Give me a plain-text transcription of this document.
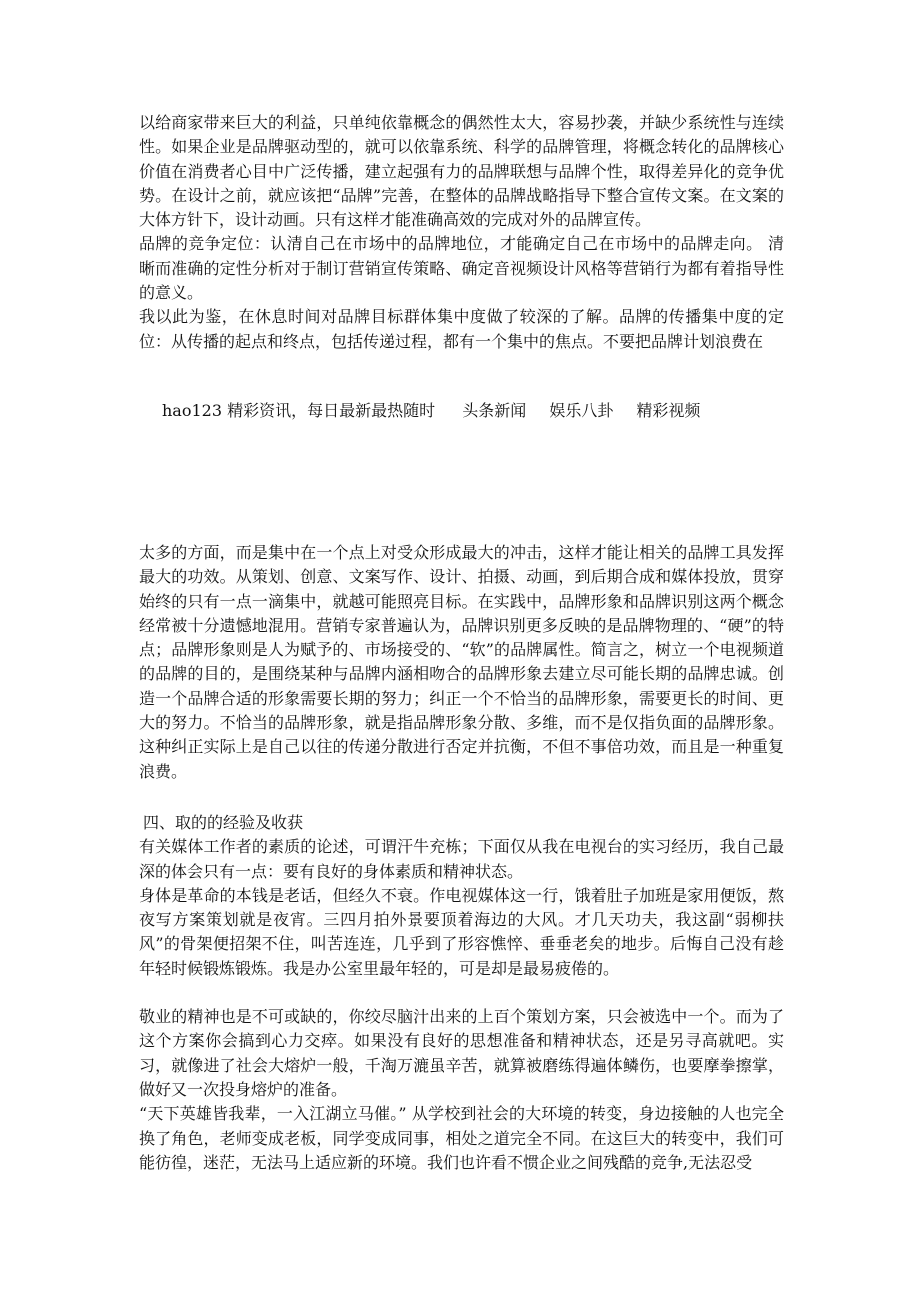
以给商家带来巨大的利益，只单纯依靠概念的偶然性太大，容易抄袭，并缺少系统性与连续性。如果企业是品牌驱动型的，就可以依靠系统、科学的品牌管理，将概念转化的品牌核心价值在消费者心目中广泛传播，建立起强有力的品牌联想与品牌个性，取得差异化的竞争优势。在设计之前，就应该把“品牌”完善，在整体的品牌战略指导下整合宣传文案。在文案的大体方针下，设计动画。只有这样才能准确高效的完成对外的品牌宣传。

品牌的竞争定位：认清自己在市场中的品牌地位，才能确定自己在市场中的品牌走向。 清晰而准确的定性分析对于制订营销宣传策略、确定音视频设计风格等营销行为都有着指导性的意义。

我以此为鉴，在休息时间对品牌目标群体集中度做了较深的了解。品牌的传播集中度的定位：从传播的起点和终点，包括传递过程，都有一个集中的焦点。不要把品牌计划浪费在

hao123 精彩资讯，每日最新最热随时 头条新闻 娱乐八卦 精彩视频

太多的方面，而是集中在一个点上对受众形成最大的冲击，这样才能让相关的品牌工具发挥最大的功效。从策划、创意、文案写作、设计、拍摄、动画，到后期合成和媒体投放，贯穿始终的只有一点一滴集中，就越可能照亮目标。在实践中，品牌形象和品牌识别这两个概念经常被十分遗憾地混用。营销专家普遍认为，品牌识别更多反映的是品牌物理的、“硬”的特点；品牌形象则是人为赋予的、市场接受的、“软”的品牌属性。简言之，树立一个电视频道的品牌的目的，是围绕某种与品牌内涵相吻合的品牌形象去建立尽可能长期的品牌忠诚。创造一个品牌合适的形象需要长期的努力；纠正一个不恰当的品牌形象，需要更长的时间、更大的努力。不恰当的品牌形象，就是指品牌形象分散、多维，而不是仅指负面的品牌形象。这种纠正实际上是自己以往的传递分散进行否定并抗衡，不但不事倍功效，而且是一种重复浪费。

四、取的的经验及收获

有关媒体工作者的素质的论述，可谓汗牛充栋；下面仅从我在电视台的实习经历，我自己最深的体会只有一点：要有良好的身体素质和精神状态。

身体是革命的本钱是老话，但经久不衰。作电视媒体这一行，饿着肚子加班是家用便饭，熬夜写方案策划就是夜宵。三四月拍外景要顶着海边的大风。才几天功夫，我这副“弱柳扶风”的骨架便招架不住，叫苦连连，几乎到了形容憔悴、垂垂老矣的地步。后悔自己没有趁年轻时候锻炼锻炼。我是办公室里最年轻的，可是却是最易疲倦的。

敬业的精神也是不可或缺的，你绞尽脑汁出来的上百个策划方案，只会被选中一个。而为了这个方案你会搞到心力交瘁。如果没有良好的思想准备和精神状态，还是另寻高就吧。实习，就像进了社会大熔炉一般，千淘万漉虽辛苦，就算被磨练得遍体鳞伤，也要摩拳擦掌，做好又一次投身熔炉的准备。

“天下英雄皆我辈，一入江湖立马催。” 从学校到社会的大环境的转变，身边接触的人也完全换了角色，老师变成老板，同学变成同事，相处之道完全不同。在这巨大的转变中，我们可能彷徨，迷茫，无法马上适应新的环境。我们也许看不惯企业之间残酷的竞争,无法忍受
